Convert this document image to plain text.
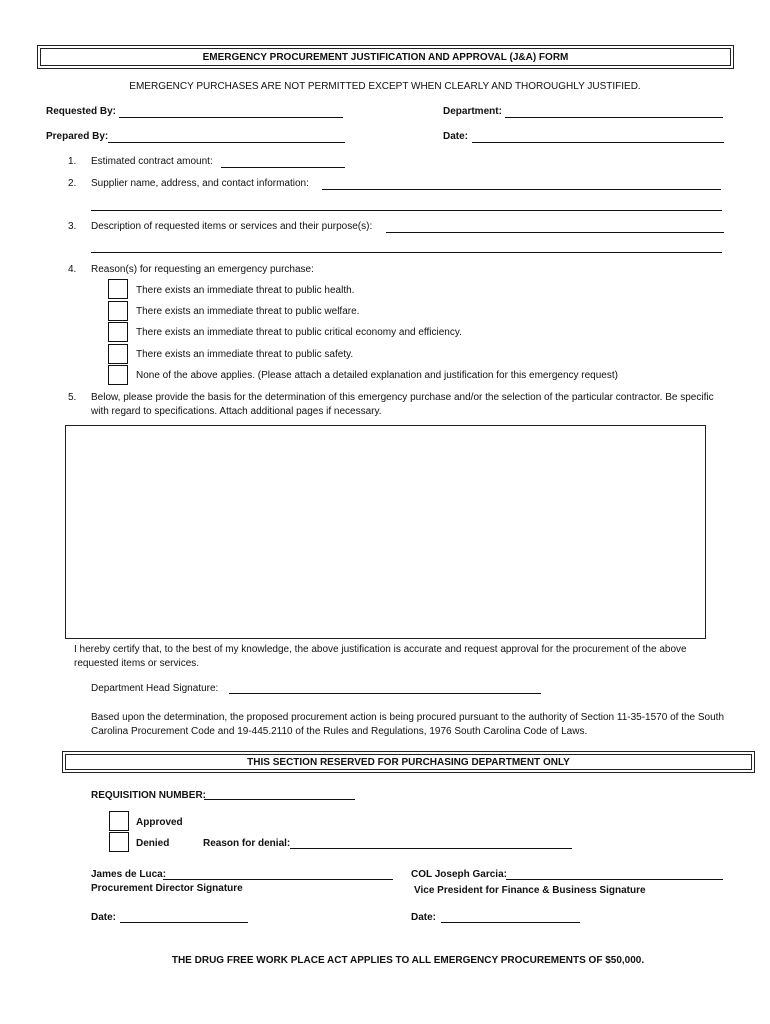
EMERGENCY PROCUREMENT JUSTIFICATION AND APPROVAL (J&A) FORM
EMERGENCY PURCHASES ARE NOT PERMITTED EXCEPT WHEN CLEARLY AND THOROUGHLY JUSTIFIED.
Requested By:	Department:
Prepared By:	Date:
1. Estimated contract amount:
2. Supplier name, address, and contact information:
3. Description of requested items or services and their purpose(s):
4. Reason(s) for requesting an emergency purchase:
There exists an immediate threat to public health.
There exists an immediate threat to public welfare.
There exists an immediate threat to public critical economy and efficiency.
There exists an immediate threat to public safety.
None of the above applies. (Please attach a detailed explanation and justification for this emergency request)
5. Below, please provide the basis for the determination of this emergency purchase and/or the selection of the particular contractor. Be specific with regard to specifications. Attach additional pages if necessary.
I hereby certify that, to the best of my knowledge, the above justification is accurate and request approval for the procurement of the above requested items or services.
Department Head Signature:
Based upon the determination, the proposed procurement action is being procured pursuant to the authority of Section 11-35-1570 of the South Carolina Procurement Code and 19-445.2110 of the Rules and Regulations, 1976 South Carolina Code of Laws.
THIS SECTION RESERVED FOR PURCHASING DEPARTMENT ONLY
REQUISITION NUMBER:
Approved
Denied	Reason for denial:
James de Luca:
Procurement Director Signature
COL Joseph Garcia:
Vice President for Finance & Business Signature
Date:	Date:
THE DRUG FREE WORK PLACE ACT APPLIES TO ALL EMERGENCY PROCUREMENTS OF $50,000.
